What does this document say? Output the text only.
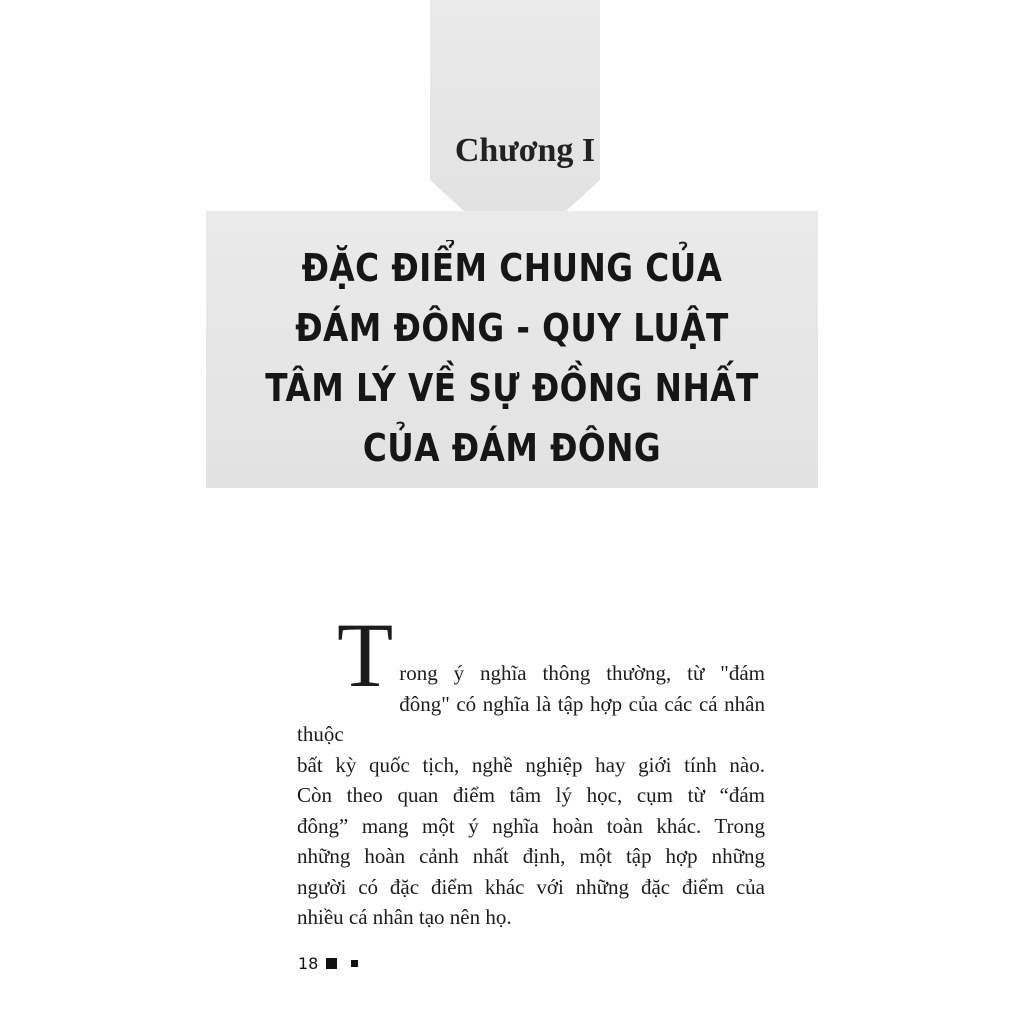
Chương I
ĐẶC ĐIỂM CHUNG CỦA
ĐÁM ĐÔNG - QUY LUẬT
TÂM LÝ VỀ SỰ ĐỒNG NHẤT
CỦA ĐÁM ĐÔNG
T rong ý nghĩa thông thường, từ "đám
đông" có nghĩa là tập hợp của các cá nhân thuộc
bất kỳ quốc tịch, nghề nghiệp hay giới tính nào.
Còn theo quan điểm tâm lý học, cụm từ “đám
đông” mang một ý nghĩa hoàn toàn khác. Trong
những hoàn cảnh nhất định, một tập hợp những
người có đặc điểm khác với những đặc điểm của
nhiều cá nhân tạo nên họ.
18
